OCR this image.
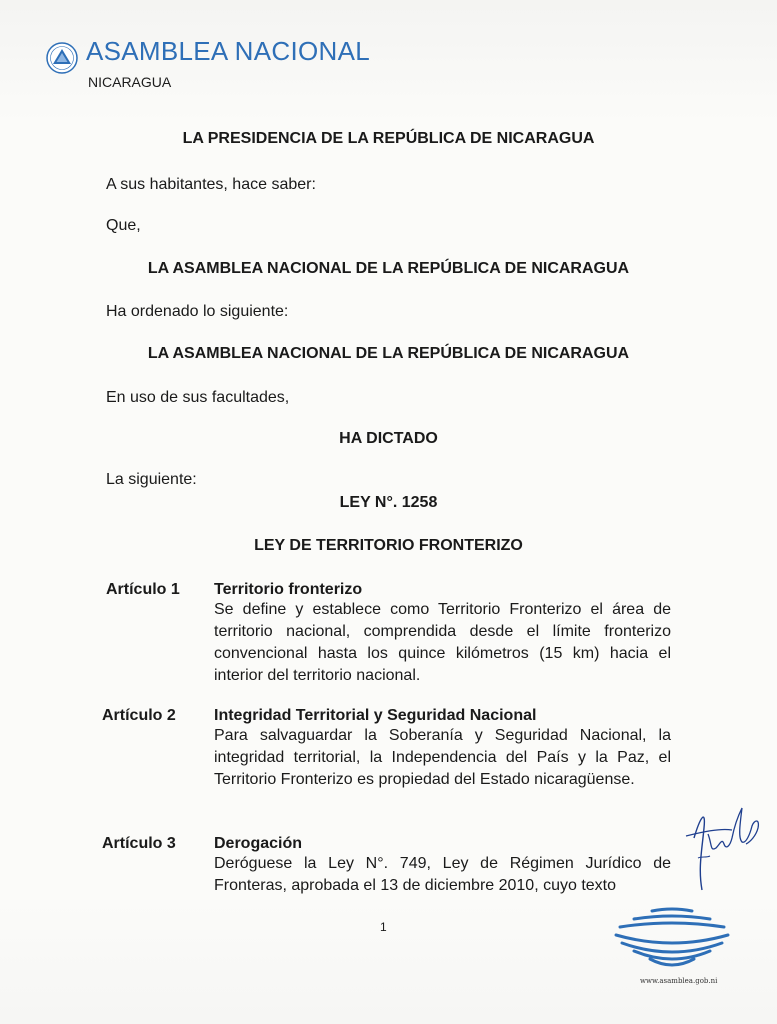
ASAMBLEA NACIONAL
NICARAGUA
LA PRESIDENCIA DE LA REPÚBLICA DE NICARAGUA
A sus habitantes, hace saber:
Que,
LA ASAMBLEA NACIONAL DE LA REPÚBLICA DE NICARAGUA
Ha ordenado lo siguiente:
LA ASAMBLEA NACIONAL DE LA REPÚBLICA DE NICARAGUA
En uso de sus facultades,
HA DICTADO
La siguiente:
LEY N°. 1258
LEY DE TERRITORIO FRONTERIZO
Artículo 1 Territorio fronterizo
Se define y establece como Territorio Fronterizo el área de territorio nacional, comprendida desde el límite fronterizo convencional hasta los quince kilómetros (15 km) hacia el interior del territorio nacional.
Artículo 2 Integridad Territorial y Seguridad Nacional
Para salvaguardar la Soberanía y Seguridad Nacional, la integridad territorial, la Independencia del País y la Paz, el Territorio Fronterizo es propiedad del Estado nicaragüense.
Artículo 3 Derogación
Deróguese la Ley N°. 749, Ley de Régimen Jurídico de Fronteras, aprobada el 13 de diciembre 2010, cuyo texto
1
www.asamblea.gob.ni
